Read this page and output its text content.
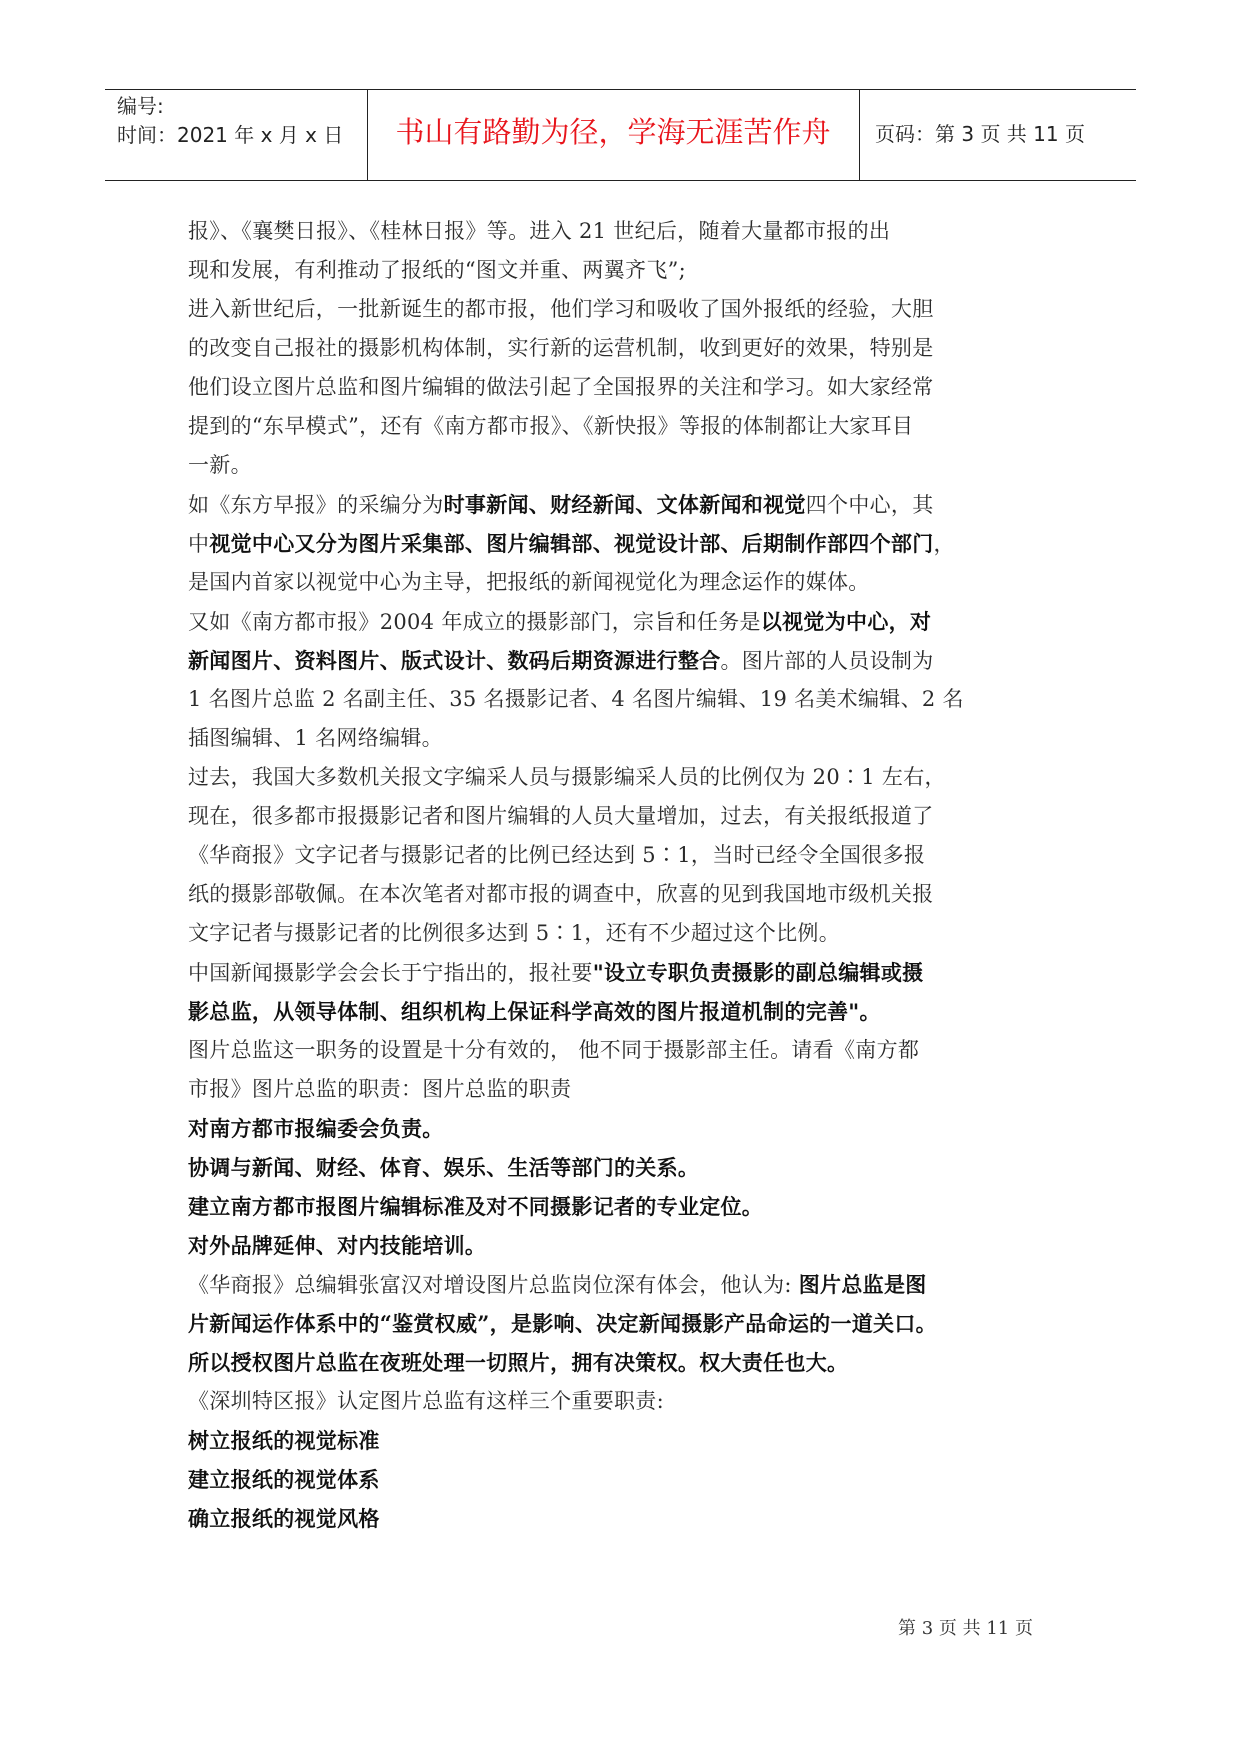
编号:
时间：2021 年 x 月 x 日	书山有路勤为径，学海无涯苦作舟	页码：第 3 页 共 11 页
报》、《襄樊日报》、《桂林日报》等。进入 21 世纪后，随着大量都市报的出
现和发展，有利推动了报纸的“图文并重、两翼齐飞”;
进入新世纪后，一批新诞生的都市报，他们学习和吸收了国外报纸的经验，大胆
的改变自己报社的摄影机构体制，实行新的运营机制，收到更好的效果，特别是
他们设立图片总监和图片编辑的做法引起了全国报界的关注和学习。如大家经常
提到的“东早模式”，还有《南方都市报》、《新快报》等报的体制都让大家耳目
一新。
如《东方早报》的采编分为时事新闻、财经新闻、文体新闻和视觉四个中心，其
中视觉中心又分为图片采集部、图片编辑部、视觉设计部、后期制作部四个部门，
是国内首家以视觉中心为主导，把报纸的新闻视觉化为理念运作的媒体。
又如《南方都市报》2004 年成立的摄影部门，宗旨和任务是以视觉为中心，对
新闻图片、资料图片、版式设计、数码后期资源进行整合。图片部的人员设制为
1 名图片总监 2 名副主任、35 名摄影记者、4 名图片编辑、19 名美术编辑、2 名
插图编辑、1 名网络编辑。
过去，我国大多数机关报文字编采人员与摄影编采人员的比例仅为 20∶1 左右，
现在，很多都市报摄影记者和图片编辑的人员大量增加，过去，有关报纸报道了
《华商报》文字记者与摄影记者的比例已经达到 5∶1，当时已经令全国很多报
纸的摄影部敬佩。在本次笔者对都市报的调查中，欣喜的见到我国地市级机关报
文字记者与摄影记者的比例很多达到 5∶1，还有不少超过这个比例。
中国新闻摄影学会会长于宁指出的，报社要"设立专职负责摄影的副总编辑或摄
影总监，从领导体制、组织机构上保证科学高效的图片报道机制的完善"。
图片总监这一职务的设置是十分有效的， 他不同于摄影部主任。请看《南方都
市报》图片总监的职责：图片总监的职责
对南方都市报编委会负责。
协调与新闻、财经、体育、娱乐、生活等部门的关系。
建立南方都市报图片编辑标准及对不同摄影记者的专业定位。
对外品牌延伸、对内技能培训。
《华商报》总编辑张富汉对增设图片总监岗位深有体会，他认为: 图片总监是图
片新闻运作体系中的“鉴赏权威”，是影响、决定新闻摄影产品命运的一道关口。
所以授权图片总监在夜班处理一切照片，拥有决策权。权大责任也大。
《深圳特区报》认定图片总监有这样三个重要职责:
树立报纸的视觉标准
建立报纸的视觉体系
确立报纸的视觉风格
第 3 页 共 11 页
